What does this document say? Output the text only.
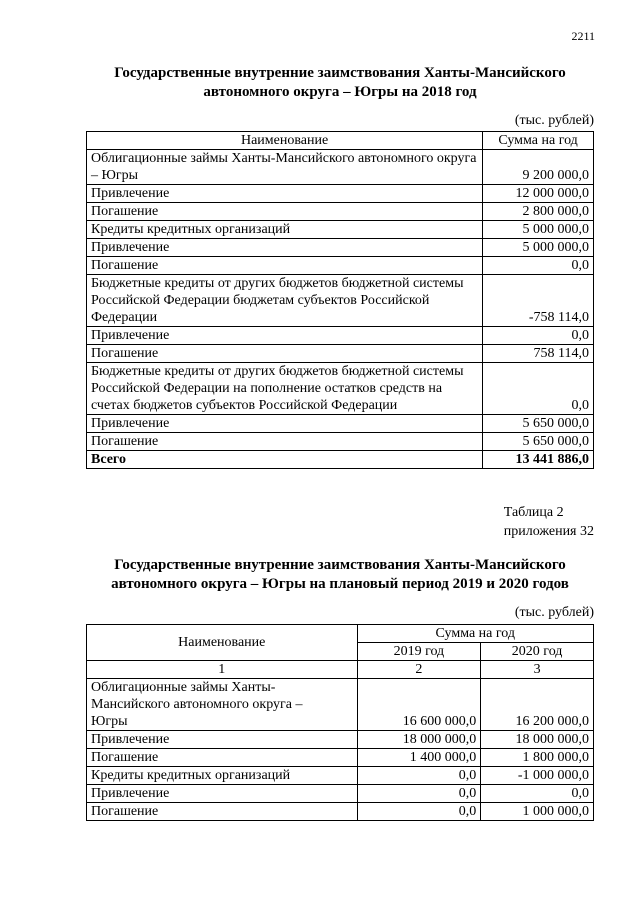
2211
Государственные внутренние заимствования Ханты-Мансийского
автономного округа – Югры на 2018 год
(тыс. рублей)
Наименование	Сумма на год
Облигационные займы Ханты-Мансийского автономного округа – Югры	9 200 000,0
Привлечение	12 000 000,0
Погашение	2 800 000,0
Кредиты кредитных организаций	5 000 000,0
Привлечение	5 000 000,0
Погашение	0,0
Бюджетные кредиты от других бюджетов бюджетной системы Российской Федерации бюджетам субъектов Российской Федерации	-758 114,0
Привлечение	0,0
Погашение	758 114,0
Бюджетные кредиты от других бюджетов бюджетной системы Российской Федерации на пополнение остатков средств на счетах бюджетов субъектов Российской Федерации	0,0
Привлечение	5 650 000,0
Погашение	5 650 000,0
Всего	13 441 886,0
Таблица 2
приложения 32
Государственные внутренние заимствования Ханты-Мансийского
автономного округа – Югры на плановый период 2019 и 2020 годов
(тыс. рублей)
Наименование	Сумма на год	
	2019 год	2020 год
1	2	3
Облигационные займы Ханты-Мансийского автономного округа – Югры	16 600 000,0	16 200 000,0
Привлечение	18 000 000,0	18 000 000,0
Погашение	1 400 000,0	1 800 000,0
Кредиты кредитных организаций	0,0	-1 000 000,0
Привлечение	0,0	0,0
Погашение	0,0	1 000 000,0
